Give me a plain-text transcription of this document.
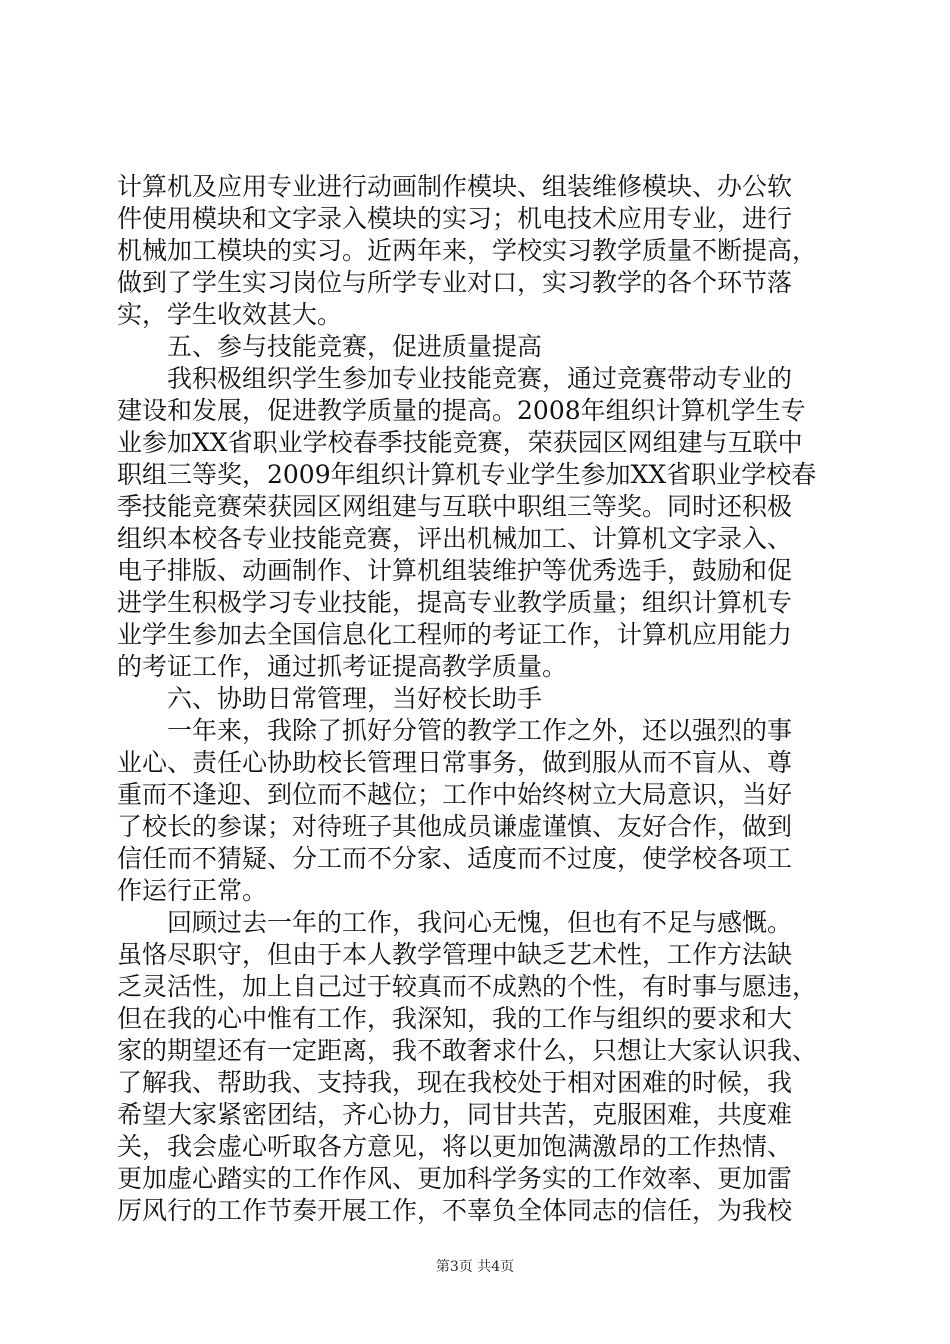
计算机及应用专业进行动画制作模块、组装维修模块、办公软
件使用模块和文字录入模块的实习；机电技术应用专业，进行
机械加工模块的实习。近两年来，学校实习教学质量不断提高，
做到了学生实习岗位与所学专业对口，实习教学的各个环节落
实，学生收效甚大。
　　五、参与技能竞赛，促进质量提高
　　我积极组织学生参加专业技能竞赛，通过竞赛带动专业的
建设和发展，促进教学质量的提高。2008年组织计算机学生专
业参加XX省职业学校春季技能竞赛，荣获园区网组建与互联中
职组三等奖，2009年组织计算机专业学生参加XX省职业学校春
季技能竞赛荣获园区网组建与互联中职组三等奖。同时还积极
组织本校各专业技能竞赛，评出机械加工、计算机文字录入、
电子排版、动画制作、计算机组装维护等优秀选手，鼓励和促
进学生积极学习专业技能，提高专业教学质量；组织计算机专
业学生参加去全国信息化工程师的考证工作，计算机应用能力
的考证工作，通过抓考证提高教学质量。
　　六、协助日常管理，当好校长助手
　　一年来，我除了抓好分管的教学工作之外，还以强烈的事
业心、责任心协助校长管理日常事务，做到服从而不盲从、尊
重而不逢迎、到位而不越位；工作中始终树立大局意识，当好
了校长的参谋；对待班子其他成员谦虚谨慎、友好合作，做到
信任而不猜疑、分工而不分家、适度而不过度，使学校各项工
作运行正常。
　　回顾过去一年的工作，我问心无愧，但也有不足与感慨。
虽恪尽职守，但由于本人教学管理中缺乏艺术性，工作方法缺
乏灵活性，加上自己过于较真而不成熟的个性，有时事与愿违，
但在我的心中惟有工作，我深知，我的工作与组织的要求和大
家的期望还有一定距离，我不敢奢求什么，只想让大家认识我、
了解我、帮助我、支持我，现在我校处于相对困难的时候，我
希望大家紧密团结，齐心协力，同甘共苦，克服困难，共度难
关，我会虚心听取各方意见，将以更加饱满激昂的工作热情、
更加虚心踏实的工作作风、更加科学务实的工作效率、更加雷
厉风行的工作节奏开展工作，不辜负全体同志的信任，为我校
第3页 共4页
